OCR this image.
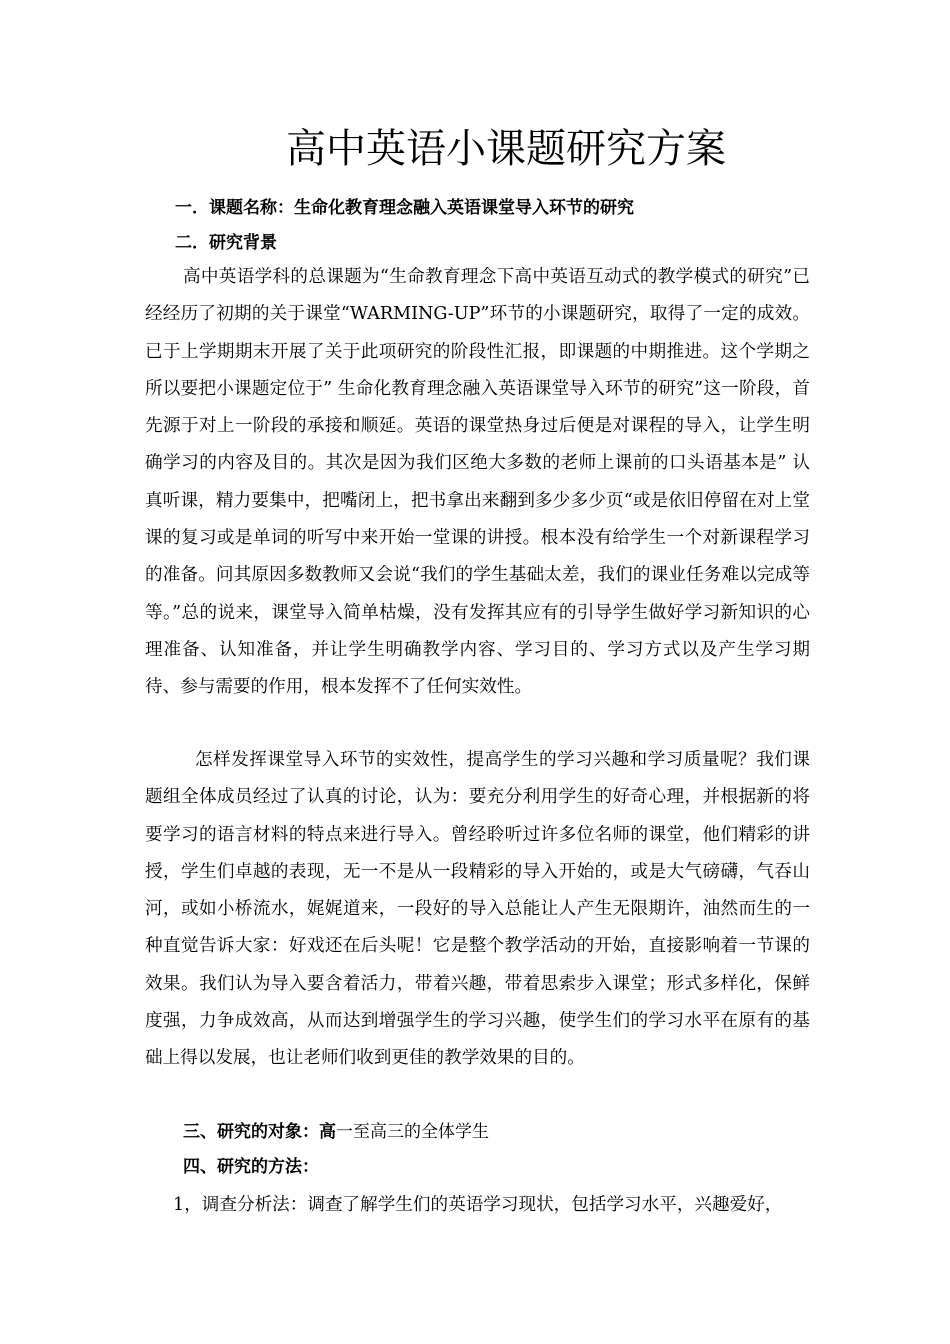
高中英语小课题研究方案
一．课题名称：生命化教育理念融入英语课堂导入环节的研究
二．研究背景
高中英语学科的总课题为“生命教育理念下高中英语互动式的教学模式的研究”已经经历了初期的关于课堂“WARMING-UP”环节的小课题研究，取得了一定的成效。已于上学期期末开展了关于此项研究的阶段性汇报，即课题的中期推进。这个学期之所以要把小课题定位于” 生命化教育理念融入英语课堂导入环节的研究”这一阶段，首先源于对上一阶段的承接和顺延。英语的课堂热身过后便是对课程的导入，让学生明确学习的内容及目的。其次是因为我们区绝大多数的老师上课前的口头语基本是” 认真听课，精力要集中，把嘴闭上，把书拿出来翻到多少多少页“或是依旧停留在对上堂课的复习或是单词的听写中来开始一堂课的讲授。根本没有给学生一个对新课程学习的准备。问其原因多数教师又会说“我们的学生基础太差，我们的课业任务难以完成等等。”总的说来，课堂导入简单枯燥，没有发挥其应有的引导学生做好学习新知识的心理准备、认知准备，并让学生明确教学内容、学习目的、学习方式以及产生学习期待、参与需要的作用，根本发挥不了任何实效性。
怎样发挥课堂导入环节的实效性，提高学生的学习兴趣和学习质量呢？我们课题组全体成员经过了认真的讨论，认为：要充分利用学生的好奇心理，并根据新的将要学习的语言材料的特点来进行导入。曾经聆听过许多位名师的课堂，他们精彩的讲授，学生们卓越的表现，无一不是从一段精彩的导入开始的，或是大气磅礴，气吞山河，或如小桥流水，娓娓道来，一段好的导入总能让人产生无限期许，油然而生的一种直觉告诉大家：好戏还在后头呢！它是整个教学活动的开始，直接影响着一节课的效果。我们认为导入要含着活力，带着兴趣，带着思索步入课堂；形式多样化，保鲜度强，力争成效高，从而达到增强学生的学习兴趣，使学生们的学习水平在原有的基础上得以发展，也让老师们收到更佳的教学效果的目的。
三、研究的对象：高一至高三的全体学生
四、研究的方法：
1，调查分析法：调查了解学生们的英语学习现状，包括学习水平，兴趣爱好，
